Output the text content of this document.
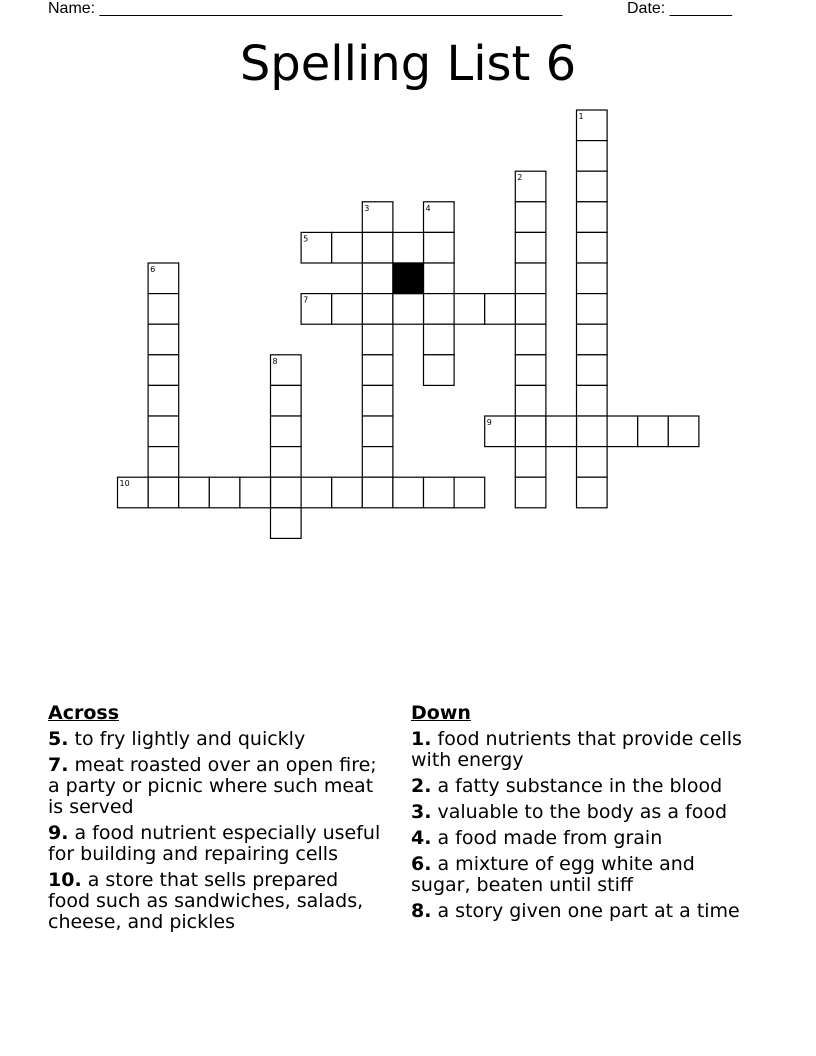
Name: ____________________________________________________	Date: _______
Spelling List 6
1
2
3	4
5
6
7
8
9
10
Across
5. to fry lightly and quickly
7. meat roasted over an open fire; a party or picnic where such meat is served
9. a food nutrient especially useful for building and repairing cells
10. a store that sells prepared food such as sandwiches, salads, cheese, and pickles
Down
1. food nutrients that provide cells with energy
2. a fatty substance in the blood
3. valuable to the body as a food
4. a food made from grain
6. a mixture of egg white and sugar, beaten until stiff
8. a story given one part at a time
